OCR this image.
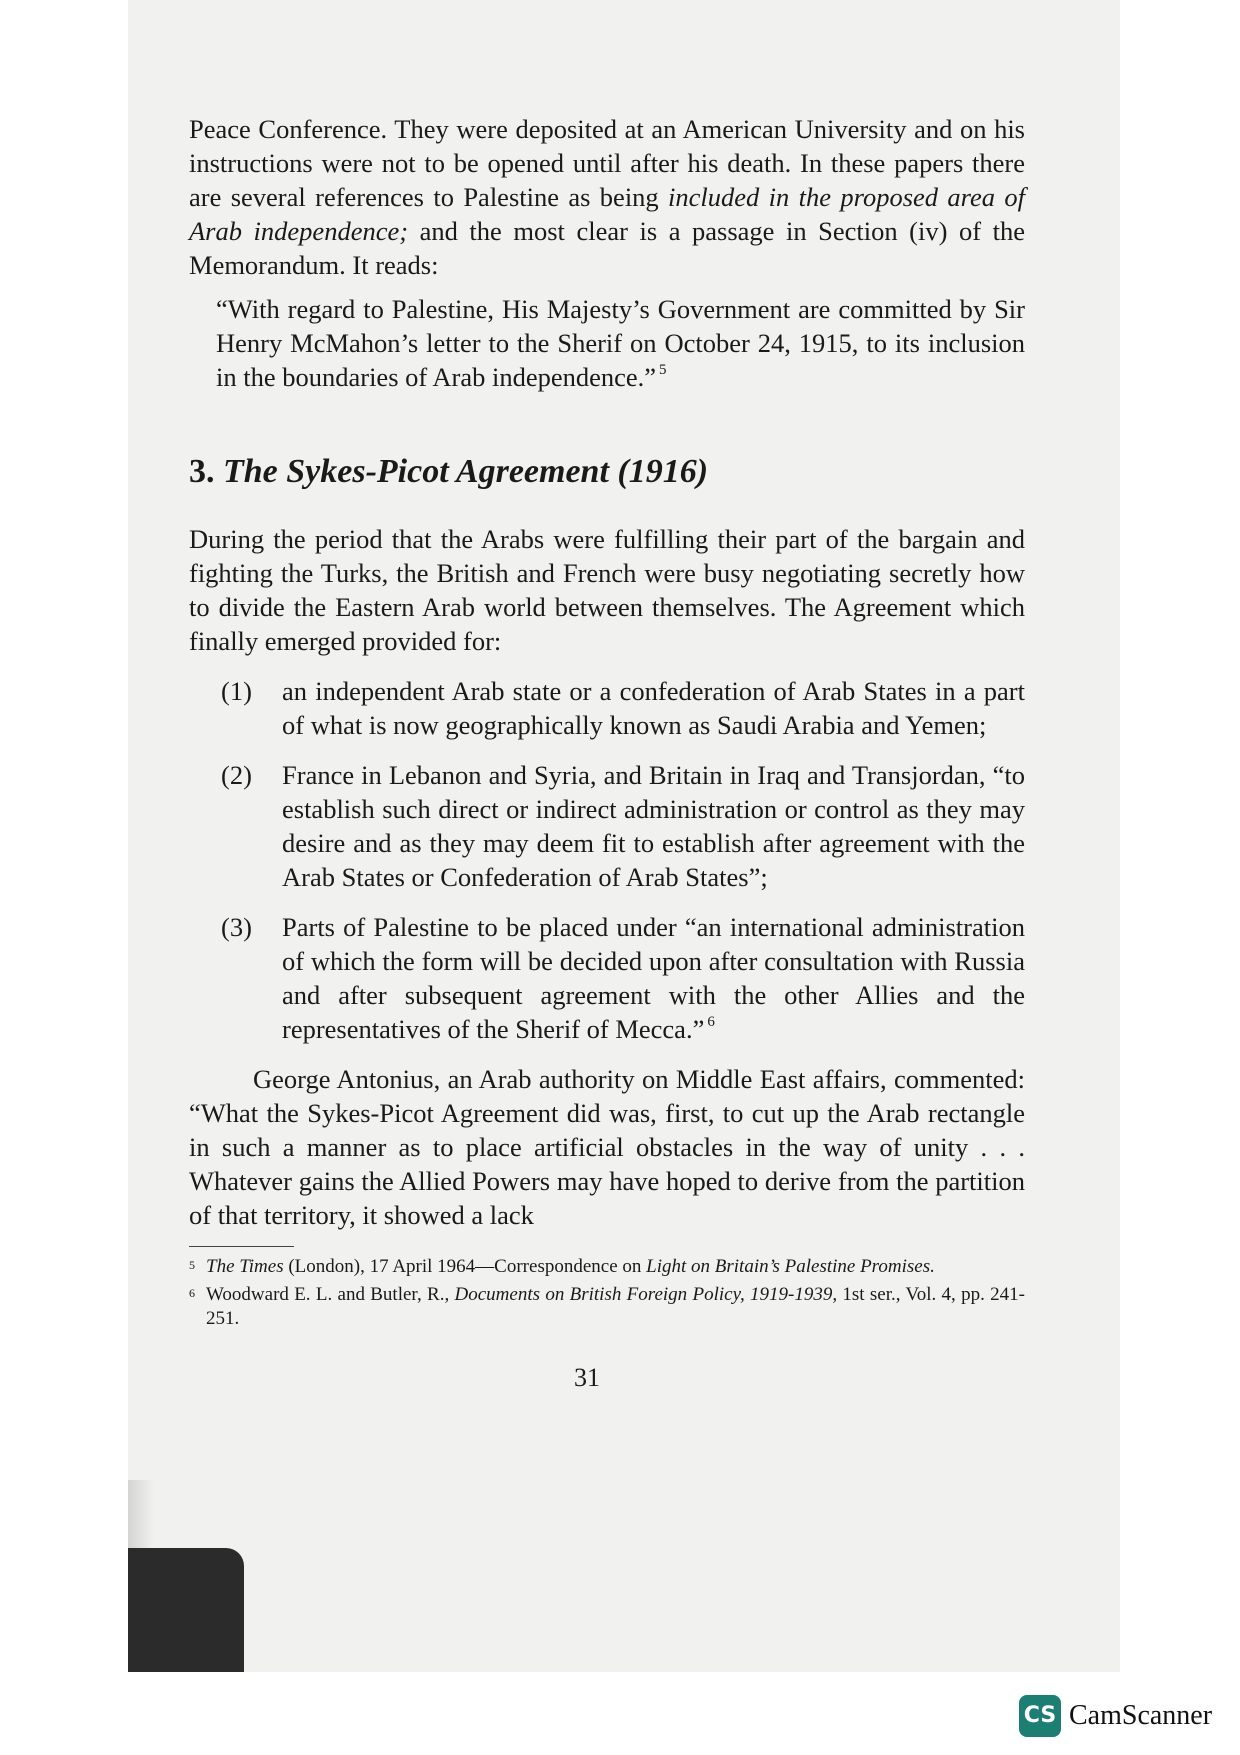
Peace Conference. They were deposited at an American University and on his instructions were not to be opened until after his death. In these papers there are several references to Palestine as being included in the proposed area of Arab independence; and the most clear is a passage in Section (iv) of the Memorandum. It reads:

“With regard to Palestine, His Majesty’s Government are committed by Sir Henry McMahon’s letter to the Sherif on October 24, 1915, to its inclusion in the boundaries of Arab independence.” $^5$

3. The Sykes-Picot Agreement (1916)

During the period that the Arabs were fulfilling their part of the bargain and fighting the Turks, the British and French were busy negotiating secretly how to divide the Eastern Arab world between themselves. The Agreement which finally emerged provided for:

(1) an independent Arab state or a confederation of Arab States in a part of what is now geographically known as Saudi Arabia and Yemen;
(2) France in Lebanon and Syria, and Britain in Iraq and Transjordan, “to establish such direct or indirect administration or control as they may desire and as they may deem fit to establish after agreement with the Arab States or Confederation of Arab States”;
(3) Parts of Palestine to be placed under “an international administration of which the form will be decided upon after consultation with Russia and after subsequent agreement with the other Allies and the representatives of the Sherif of Mecca.” $^6$

George Antonius, an Arab authority on Middle East affairs, commented: “What the Sykes-Picot Agreement did was, first, to cut up the Arab rectangle in such a manner as to place artificial obstacles in the way of unity . . . Whatever gains the Allied Powers may have hoped to derive from the partition of that territory, it showed a lack

5 The Times (London), 17 April 1964—Correspondence on Light on Britain’s Palestine Promises.
6 Woodward E. L. and Butler, R., Documents on British Foreign Policy, 1919-1939, 1st ser., Vol. 4, pp. 241-251.
31
CS CamScanner
